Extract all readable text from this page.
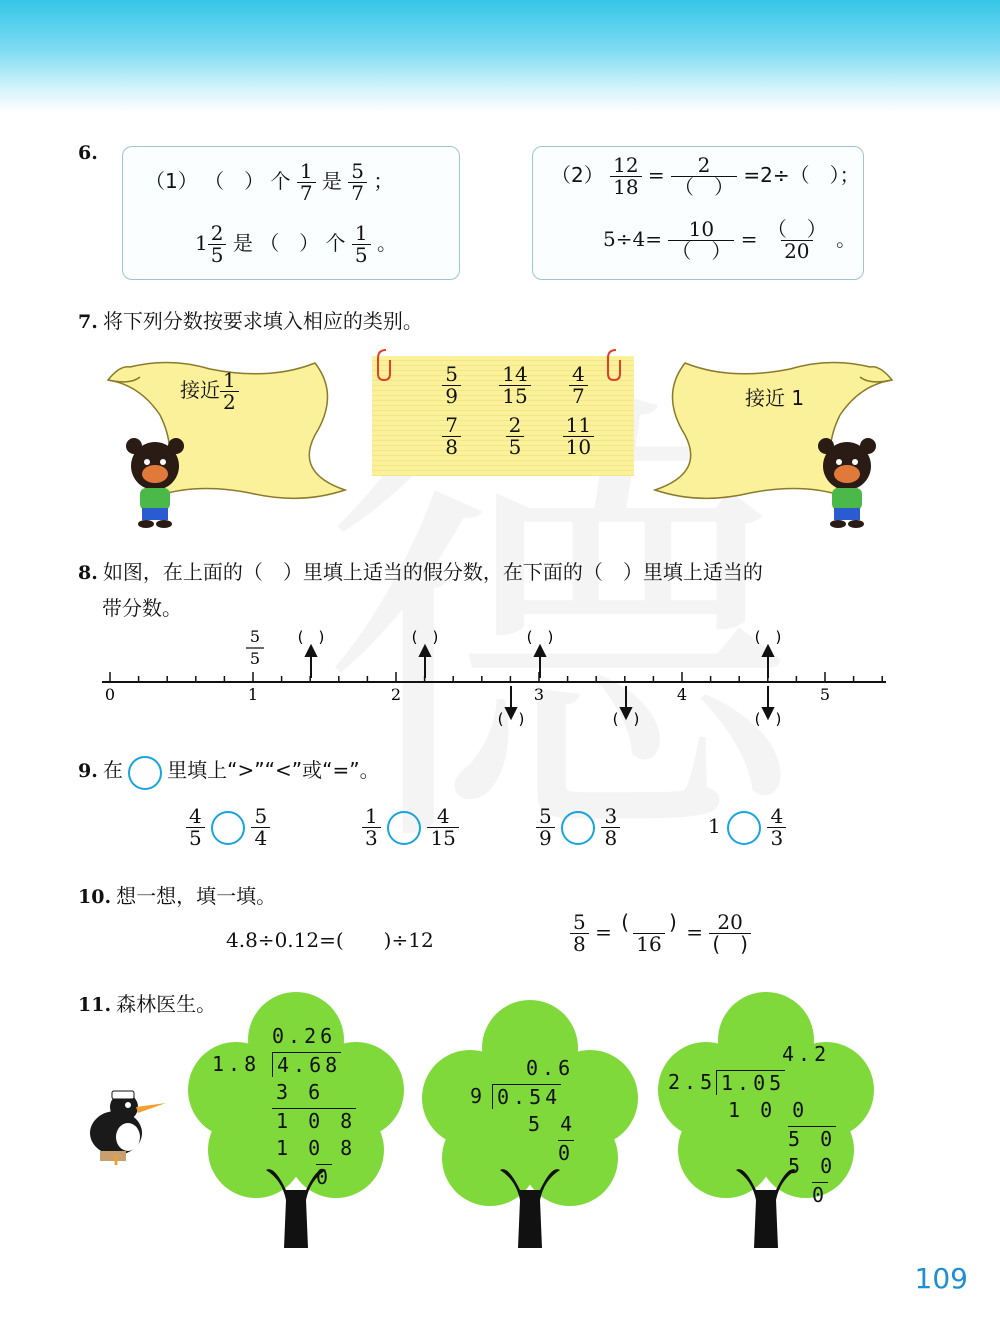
6.
（1） （　） 个 $\frac{1}{7}$ 是 $\frac{5}{7}$ ；
$1 \frac{2}{5}$ 是 （　） 个 $\frac{1}{5}$ 。
$(2) \frac{12}{18} = \frac{2}{( )} =2\div$（　）；
$5\div 4= \frac{10}{( )} = \frac{( )}{20}$ 。
7. 将下列分数按要求填入相应的类别。
接近 $\frac{1}{2}$	$\frac{5}{9} \frac{14}{15} \frac{4}{7}$
$\frac{7}{8} \frac{2}{5} \frac{11}{10}$
接近 1
8. 如图，在上面的（　）里填上适当的假分数，在下面的（　）里填上适当的
带分数。
0	1	2	3	4	5
5
5
(　)	(　)	(　)	(　)
(　)	(　)	(　)
9. 在 里填上“>”“<”或“=”。
$\frac{4}{5}$
$\frac{5}{4}$	$\frac{1}{3}$
$\frac{4}{15}$	$\frac{5}{9}$
$\frac{3}{8}$	$1 \frac{4}{3}$
10. 想一想，填一填。
4.8÷0.12=(　　)÷12	$\frac{5}{8} = \frac{( )}{16} = \frac{20}{( )}$
11. 森林医生。
0.26
1.8 4.68
3 6
1 0 8
1 0 8
0
0.6
9 0.54
5 4
0
4.2
2.5 1.05
1 0 0
5 0
5 0
0
109
